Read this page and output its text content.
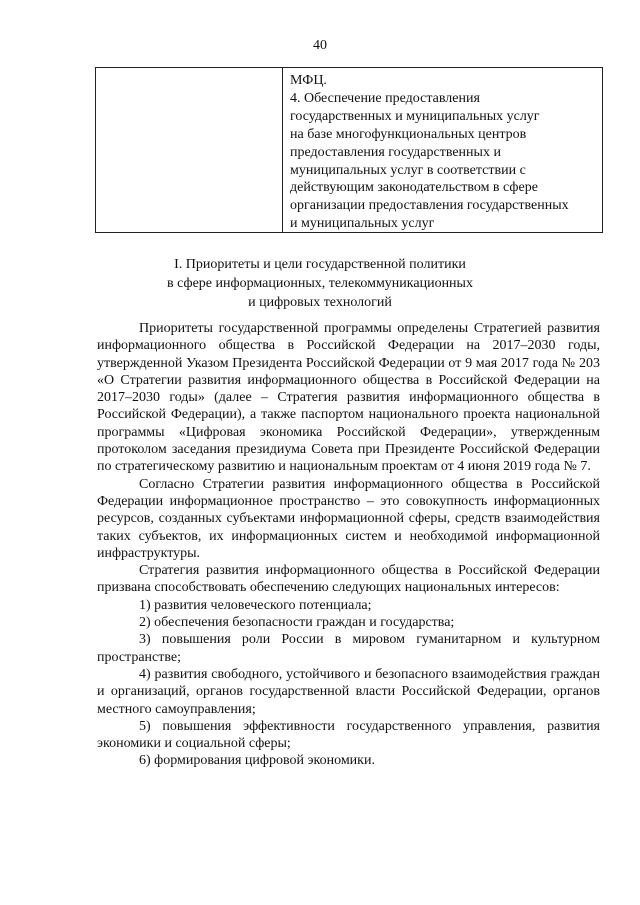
40
МФЦ.
4. Обеспечение предоставления
государственных и муниципальных услуг
на базе многофункциональных центров
предоставления государственных и
муниципальных услуг в соответствии с
действующим законодательством в сфере
организации предоставления государственных
и муниципальных услуг
I. Приоритеты и цели государственной политики
в сфере информационных, телекоммуникационных
и цифровых технологий

Приоритеты государственной программы определены Стратегией развития информационного общества в Российской Федерации на 2017–2030 годы, утвержденной Указом Президента Российской Федерации от 9 мая 2017 года № 203 «О Стратегии развития информационного общества в Российской Федерации на 2017–2030 годы» (далее – Стратегия развития информационного общества в Российской Федерации), а также паспортом национального проекта национальной программы «Цифровая экономика Российской Федерации», утвержденным протоколом заседания президиума Совета при Президенте Российской Федерации по стратегическому развитию и национальным проектам от 4 июня 2019 года № 7.

Согласно Стратегии развития информационного общества в Российской Федерации информационное пространство – это совокупность информационных ресурсов, созданных субъектами информационной сферы, средств взаимодействия таких субъектов, их информационных систем и необходимой информационной инфраструктуры.

Стратегия развития информационного общества в Российской Федерации призвана способствовать обеспечению следующих национальных интересов:

1) развития человеческого потенциала;

2) обеспечения безопасности граждан и государства;

3) повышения роли России в мировом гуманитарном и культурном пространстве;

4) развития свободного, устойчивого и безопасного взаимодействия граждан и организаций, органов государственной власти Российской Федерации, органов местного самоуправления;

5) повышения эффективности государственного управления, развития экономики и социальной сферы;

6) формирования цифровой экономики.
